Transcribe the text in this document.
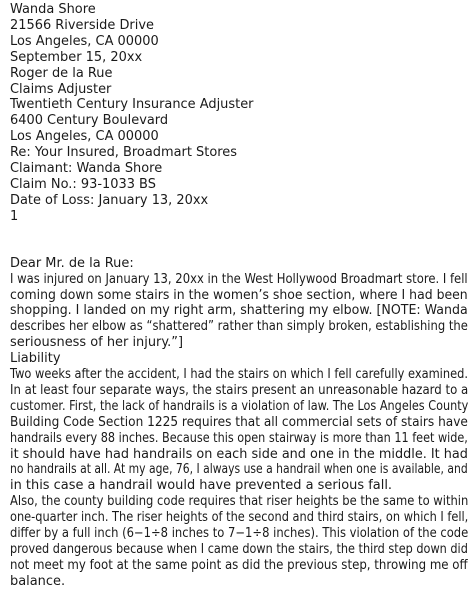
Wanda Shore
21566 Riverside Drive
Los Angeles, CA 00000
September 15, 20xx
Roger de la Rue
Claims Adjuster
Twentieth Century Insurance Adjuster
6400 Century Boulevard
Los Angeles, CA 00000
Re: Your Insured, Broadmart Stores
Claimant: Wanda Shore
Claim No.: 93-1033 BS
Date of Loss: January 13, 20xx
1
Dear Mr. de la Rue:
I was injured on January 13, 20xx in the West Hollywood Broadmart store. I fell
coming down some stairs in the women’s shoe section, where I had been
shopping. I landed on my right arm, shattering my elbow. [NOTE: Wanda
describes her elbow as “shattered” rather than simply broken, establishing the
seriousness of her injury.”]
Liability
Two weeks after the accident, I had the stairs on which I fell carefully examined.
In at least four separate ways, the stairs present an unreasonable hazard to a
customer. First, the lack of handrails is a violation of law. The Los Angeles County
Building Code Section 1225 requires that all commercial sets of stairs have
handrails every 88 inches. Because this open stairway is more than 11 feet wide,
it should have had handrails on each side and one in the middle. It had
no handrails at all. At my age, 76, I always use a handrail when one is available, and
in this case a handrail would have prevented a serious fall.
Also, the county building code requires that riser heights be the same to within
one-quarter inch. The riser heights of the second and third stairs, on which I fell,
differ by a full inch (6−1÷8 inches to 7−1÷8 inches). This violation of the code
proved dangerous because when I came down the stairs, the third step down did
not meet my foot at the same point as did the previous step, throwing me off
balance.
